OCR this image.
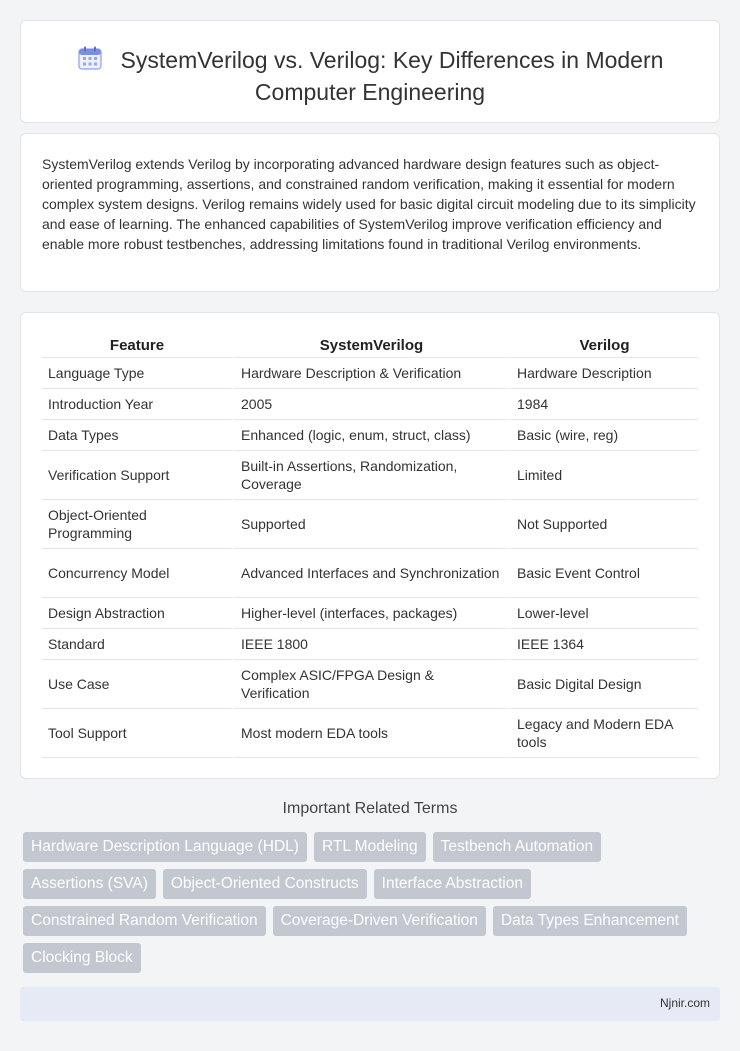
SystemVerilog vs. Verilog: Key Differences in Modern
Computer Engineering

SystemVerilog extends Verilog by incorporating advanced hardware design features such as object-oriented programming, assertions, and constrained random verification, making it essential for modern complex system designs. Verilog remains widely used for basic digital circuit modeling due to its simplicity and ease of learning. The enhanced capabilities of SystemVerilog improve verification efficiency and enable more robust testbenches, addressing limitations found in traditional Verilog environments.

Feature	SystemVerilog	Verilog
Language Type	Hardware Description & Verification	Hardware Description
Introduction Year	2005	1984
Data Types	Enhanced (logic, enum, struct, class)	Basic (wire, reg)
Verification Support	Built-in Assertions, Randomization, Coverage	Limited
Object-Oriented Programming	Supported	Not Supported
Concurrency Model	Advanced Interfaces and Synchronization	Basic Event Control
Design Abstraction	Higher-level (interfaces, packages)	Lower-level
Standard	IEEE 1800	IEEE 1364
Use Case	Complex ASIC/FPGA Design & Verification	Basic Digital Design
Tool Support	Most modern EDA tools	Legacy and Modern EDA tools
Important Related Terms
Hardware Description Language (HDL)	RTL Modeling	Testbench Automation
Assertions (SVA)	Object-Oriented Constructs	Interface Abstraction
Constrained Random Verification	Coverage-Driven Verification	Data Types Enhancement
Clocking Block
Njnir.com
